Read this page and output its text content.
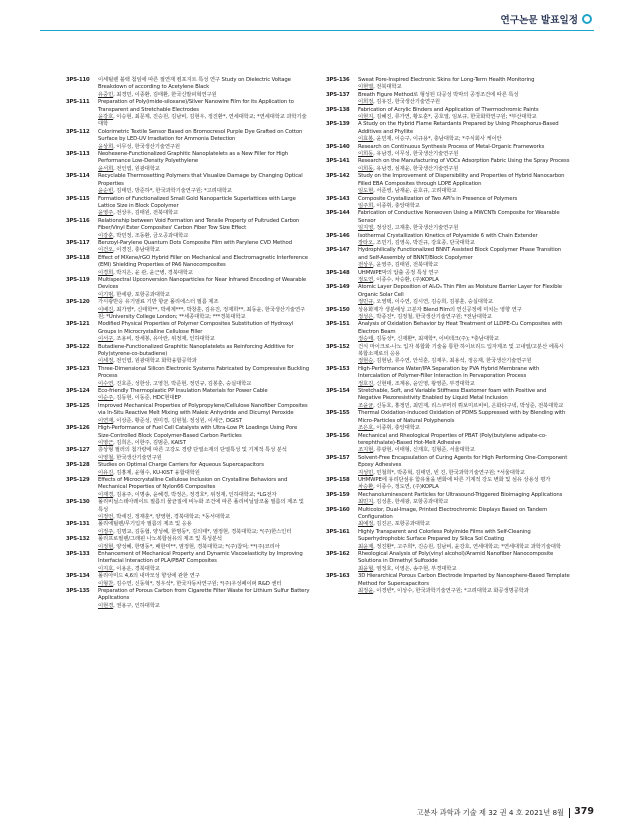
연구논문 발표일정
3PS-110	이세틸렌 블랙 첨임에 따른 절연재 컴포지트 특성 연구 Study on Dielectric Voltage Breakdown of according to Acetylene Black
유중민, 최경민, 이종환, 김태환, 한국신발피혁연구원
3PS-111	Preparation of Poly(imide-siloxane)/Silver Nanowire Film for its Application to Transparent and Stretchable Electrodes
윤강호, 이승현, 최문제, 진승원, 김남비, 김현우, 정진환*, 연세대학교; *연세대학교 과학기술대학
3PS-112	Colorimetric Textile Sensor Based on Bromocresol Purple Dye Grafted on Cotton Surface by LED-UV Irradiation for Ammonia Detection
윤상희, 이무성, 한국생산기술연구원
3PS-113	Neohexene-Functionalized Graphitic Nanoplatelets as a New Filler for High Performance Low-Density Polyethylene
윤서희, 전인엽, 원광대학교
3PS-114	Recyclable Thermosetting Polymers that Visualize Damage by Changing Optical Properties
윤순빈, 김태민, 방준하*, 한국과학기술연구원; *고려대학교
3PS-115	Formation of Functionalized Small Gold Nanoparticle Superlattices with Large Lattice Size in Block Copolymer
윤영주, 전상우, 김태원, 전북대학교
3PS-116	Relationship between Void Formation and Tensile Property of Pultruded Carbon Fiber/Vinyl Ester Composites' Carbon Fiber Tow Size Effect
이강훈, 박민정, 조동환, 금오공과대학교
3PS-117	Benzoyl-Parylene Quantum Dots Composite Film with Parylene CVD Method
이건오, 이경진, 충남대학교
3PS-118	Effect of MXene/rGO Hybrid Filler on Mechanical and Electromagnetic Interference (EMI) Shielding Properties of PA6 Nanocomposites
이경희, 박지은, 윤 관, 윤근병, 경북대학교
3PS-119	Multispectral Upconversion Nanoparticles for Near Infrared Encoding of Wearable Devices
이기범, 한세광, 포항공과대학교
3PS-120	가시광반응 유기염료 기반 항균 폴리에스터 필름 제조
이배진, 최가영*, 신태학**, 박세계***, 박창훈, 김유진, 정재희**, 최동윤, 한국생산기술연구원; *University College London; **세종대학교; ***경북대학교
3PS-121	Modified Physical Properties of Polymer Composites Substitution of Hydroxyl Groups in Microcrystalline Cellulose Filler
이서구, 조용비, 장세봉, 유아란, 위정재, 인하대학교
3PS-122	Butadiene-Functionalized Graphitic Nanoplatelets as Reinforcing Additive for Poly(styrene-co-butadiene)
이세정, 전인엽, 원광대학교 화학융합공학과
3PS-123	Three-Dimensional Silicon Electronic Systems Fabricated by Compressive Buckling Process
이수연, 진호준, 성한상, 고영천, 박준현, 정민규, 김봉훈, 숭실대학교
3PS-124	Eco-friendly Thermoplastic PP Insulation Materials for Power Cable
이순주, 김동현, 이동준, HDC현대EP
3PS-125	Improved Mechanical Properties of Polypropylene/Cellulose Nanofiber Composites via In-Situ Reactive Melt Mixing with Maleic Anhydride and Dicumyl Peroxide
이연재, 이상준, 황준성, 권미경, 김현철, 정성원, 이세근, DGIST
3PS-126	High-Performance of Fuel Cell Catalysts with Ultra-Low Pt Loadings Using Pore Size-Controlled Block Copolymer-Based Carbon Particles
이영근, 김희은, 이한주, 김범준, KAIST
3PS-127	층상형 필러의 첨가량에 따른 고강도 경량 단열소재의 단열특성 및 기계적 특성 분석
이영철, 한국생산기술연구원
3PS-128	Studies on Optimal Charge Carriers for Aqueous Supercapacitors
이유진, 김홍제, 윤형수, KU-KIST 융합대학원
3PS-129	Effects of Microcrystalline Cellulose Inclusion on Crystalline Behaviors and Mechanical Properties of Nylon66 Composites
이재경, 김용주, 이명송, 윤혜경, 박정은, 정경호*, 위정재, 인하대학교; *LG전자
3PS-130	폴리비닐스테아레이트 필름의 물균질에 비누화 조건에 따른 폴리비닐알코올 필름의 제조 및 특성
이정언, 박세진, 정재훈*, 양영현, 경북대학교; *동서대학교
3PS-131	폴리에틸렌/무기입자 필름의 제조 및 응용
이정주, 김명교, 김동협, 양성혜, 한명동*, 김의태*, 염정현, 경북대학교; *(주)한스인터
3PS-132	폴리프로필렌/그래핀 나노복합섬유의 제조 및 특성분석
이정현, 양성혜, 한명동*, 배한미**, 염정현, 경북대학교; *(주)참덕; **(주)코리아
3PS-133	Enhancement of Mechanical Property and Dynamic Viscoelasticity by Improving Interfacial Interaction of PLA/PBAT Composites
이지호, 이용운, 경북대학교
3PS-134	폴리아미드 4,6의 내마모성 향상에 관한 연구
이형찬, 김수연, 신동혁*, 정우석*, 한국자동차연구원; *(주)우성페이퍼 R&D 센터
3PS-135	Preparation of Porous Carbon from Cigarette Filter Waste for Lithium Sulfur Battery Applications
이현경, 권용구, 인하대학교
3PS-136	Sweat Pore-Inspired Electronic Skins for Long-Term Health Monitoring
이현열, 전북대학교
3PS-137	Breath Figure Method로 형성된 다공성 박막의 공정조건에 따른 특성
이희정, 김유진, 한국생산기술연구원
3PS-138	Fabrication of Acrylic Binders and Application of Thermochromic Paints
이현지, 김혜진, 류가연, 황도훈*, 공호열, 임보규, 한국화학연구원; *부산대학교
3PS-139	A Study on the Hybrid Flame Retardants Prepared by Using Phosphorus-Based Additives and Phyllite
이효봉, 윤민재, 이승구, 이규용*, 충남대학교; *주식회사 케이안
3PS-140	Research on Continuous Synthesis Process of Metal-Organic Frameworks
이희동, 유남경, 이무성, 한국생산기술연구원
3PS-141	Research on the Manufacturing of VOCs Adsorption Fabric Using the Spray Process
이희동, 유남경, 심재윤, 한국생산기술연구원
3PS-142	Study on the Improvement of Dispersibility and Properties of Hybrid Nanocarbon Filled EBA Composites through LDPE Application
임도현, 서준영, 남재윤, 윤호규, 고려대학교
3PS-143	Composite Crystallization of Two API's in Presence of Polymers
임주희, 이종휘, 충앙대학교
3PS-144	Fabrication of Conductive Nonwoven Using a MWCNTs Composite for Wearable Sensor
임지영, 정상진, 고재훈, 한국생산기술연구원
3PS-146	Isothermal Crystallization Kinetics of Polyamide 6 with Chain Extender
장타오, 조민기, 김영욱, 박진규, 강효종, 단국대학교
3PS-147	Hydrophilically Functionalized BNNT Assisted Block Copolymer Phase Transition and Self-Assembly of BNNT/Block Copolymer
전상우, 윤영주, 김태원, 전북대학교
3PS-148	UHMWPE막의 압출 공정 특성 연구
정도연, 이종수, 차승환, (주)KOPLA
3PS-149	Atomic Layer Deposition of Al₂O₃ Thin Film as Moisture Barrier Layer for Flexible Organic Solar Cell
정민규, 오영택, 이수연, 김시연, 김승희, 김봉훈, 숭실대학교
3PS-150	상용화제가 생분해성 고분자 Blend Film의 연신공정에 미치는 영향 연구
정성은, 박종진*, 김정철, 한국생산기술연구원; *전남대학교
3PS-151	Analysis of Oxidation Behavior by Heat Treatment of LLDPE-Cu Composites with Electron Beam
정승태, 김동성*, 신재환*, 최재학*, 이비테크(주); *충남대학교
3PS-152	건식 마이크로-나노 입자 복합화 기술을 통한 하이브리드 입자제조 및 고내열/고분산 에폭시 복합소재로의 응용
정현승, 김현남, 류수연, 안석훈, 김재우, 최용석, 정응재, 한국생산기술연구원
3PS-153	High-Performance Water/IPA Separation by PVA Hybrid Membrane with Intercalation of Polymer-Filler Interaction in Pervaporation Process
정호진, 신현태, 조계용, 윤인영, 왕영준, 부경대학교
3PS-154	Stretchable, Soft, and Variable Stiffness Elastomer foam with Positive and Negative Piezoresistivity Enabled by Liquid Metal Inclusion
조윤균, 신동호, 홍정민, 최민재, 리스쿠머리 뤼보미르비비, 은화타구넥, 박성준, 전북대학교
3PS-155	Thermal Oxidation-induced Oxidation of PDMS Suppressed with by Blending with Micro-Particles of Natural Polyphenols
조은호, 이종휘, 충앙대학교
3PS-156	Mechanical and Rheological Properties of PBAT (Poly(butylene adipate-co-terephthalate)-Based Hot-Melt Adhesive
조지현, 류광현, 이태형, 신재호, 김형준, 서울대학교
3PS-157	Solvent-Free Encapsulation of Curing Agents for High Performing One-Component Epoxy Adhesives
지성민, 민철희*, 박종혁, 김태민, 빈 진, 한국과학기술연구원; *서울대학교
3PS-158	UHMWPE에 유리단섬유 함유율을 변화에 따른 기계적 강도 변화 및 섬유 상용성 평가
차승환, 이종수, 정도연, (주)KOPLA
3PS-159	Mechanoluminescent Particles for Ultrasound-Triggered Bioimaging Applications
최민지, 김성훈, 한세광, 포항공과대학교
3PS-160	Multicolor, Dual-Image, Printed Electrochromic Displays Based on Tandem Configuration
최예정, 김진곤, 포항공과대학교
3PS-161	Highly Transparent and Colorless Polyimide Films with Self-Cleaning Superhydrophobic Surface Prepared by Silica Sol Coating
최윤제, 정진환*, 고주희*, 진승원, 김남비, 윤강호, 연세대학교; *연세대학교 과학기술대학
3PS-162	Rheological Analysis of Poly(vinyl alcohol)/Aramid Nanofiber Nanocomposite Solutions in Dimethyl Sulfoxide
최윤형, 염정호, 이영은, 송주현, 부경대학교
3PS-163	3D Hierarchical Porous Carbon Electrode Imparted by Nanosphere-Based Template Method for Supercapacitors
최정윤, 이경빈*, 이상수, 한국과학기술연구원; *고려대학교 화공생명공학과
고분자 과학과 기술 제 32 권 4 호 2021년 8월 379
